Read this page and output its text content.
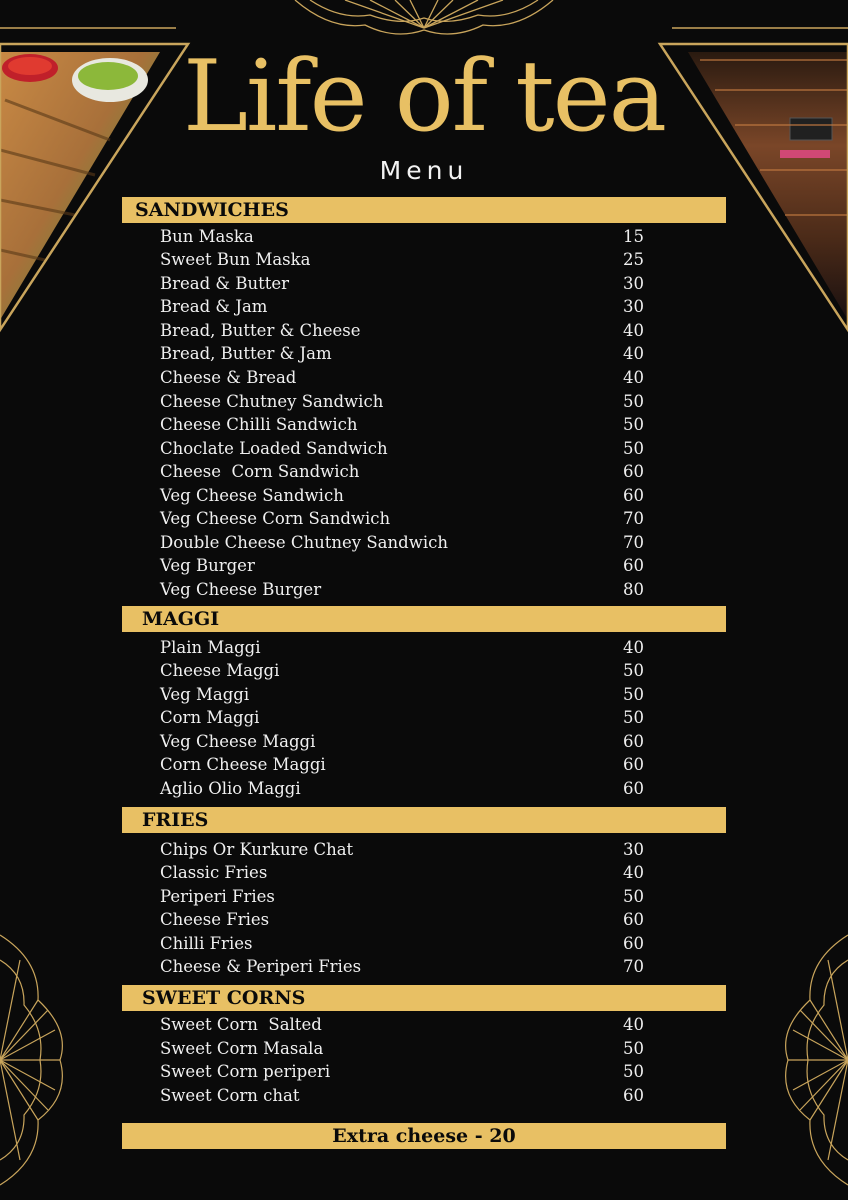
Life of tea
Menu
SANDWICHES
Bun Maska	15
Sweet Bun Maska	25
Bread & Butter	30
Bread & Jam	30
Bread, Butter & Cheese	40
Bread, Butter & Jam	40
Cheese & Bread	40
Cheese Chutney Sandwich	50
Cheese Chilli Sandwich	50
Choclate Loaded Sandwich	50
Cheese  Corn Sandwich	60
Veg Cheese Sandwich	60
Veg Cheese Corn Sandwich	70
Double Cheese Chutney Sandwich	70
Veg Burger	60
Veg Cheese Burger	80
MAGGI
Plain Maggi	40
Cheese Maggi	50
Veg Maggi	50
Corn Maggi	50
Veg Cheese Maggi	60
Corn Cheese Maggi	60
Aglio Olio Maggi	60
FRIES
Chips Or Kurkure Chat	30
Classic Fries	40
Periperi Fries	50
Cheese Fries	60
Chilli Fries	60
Cheese & Periperi Fries	70
SWEET CORNS
Sweet Corn  Salted	40
Sweet Corn Masala	50
Sweet Corn periperi	50
Sweet Corn chat	60
Extra cheese - 20
